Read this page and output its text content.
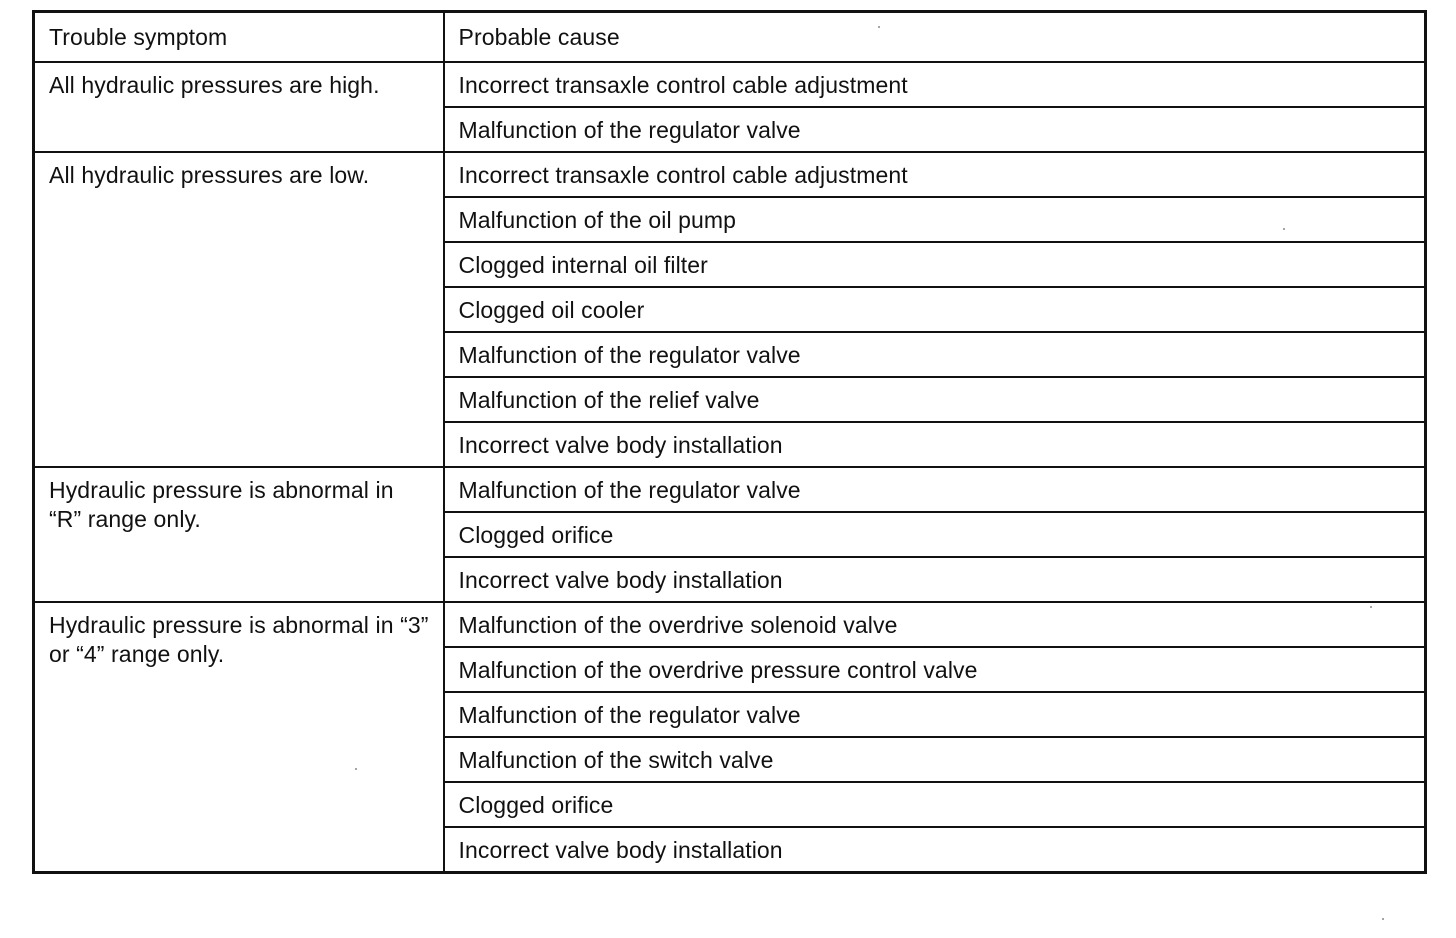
Trouble symptom	Probable cause
All hydraulic pressures are high.	Incorrect transaxle control cable adjustment
	Malfunction of the regulator valve
All hydraulic pressures are low.	Incorrect transaxle control cable adjustment
	Malfunction of the oil pump
	Clogged internal oil filter
	Clogged oil cooler
	Malfunction of the regulator valve
	Malfunction of the relief valve
	Incorrect valve body installation
Hydraulic pressure is abnormal in “R” range only.	Malfunction of the regulator valve
	Clogged orifice
	Incorrect valve body installation
Hydraulic pressure is abnormal in “3” or “4” range only.	Malfunction of the overdrive solenoid valve
	Malfunction of the overdrive pressure control valve
	Malfunction of the regulator valve
	Malfunction of the switch valve
	Clogged orifice
	Incorrect valve body installation
